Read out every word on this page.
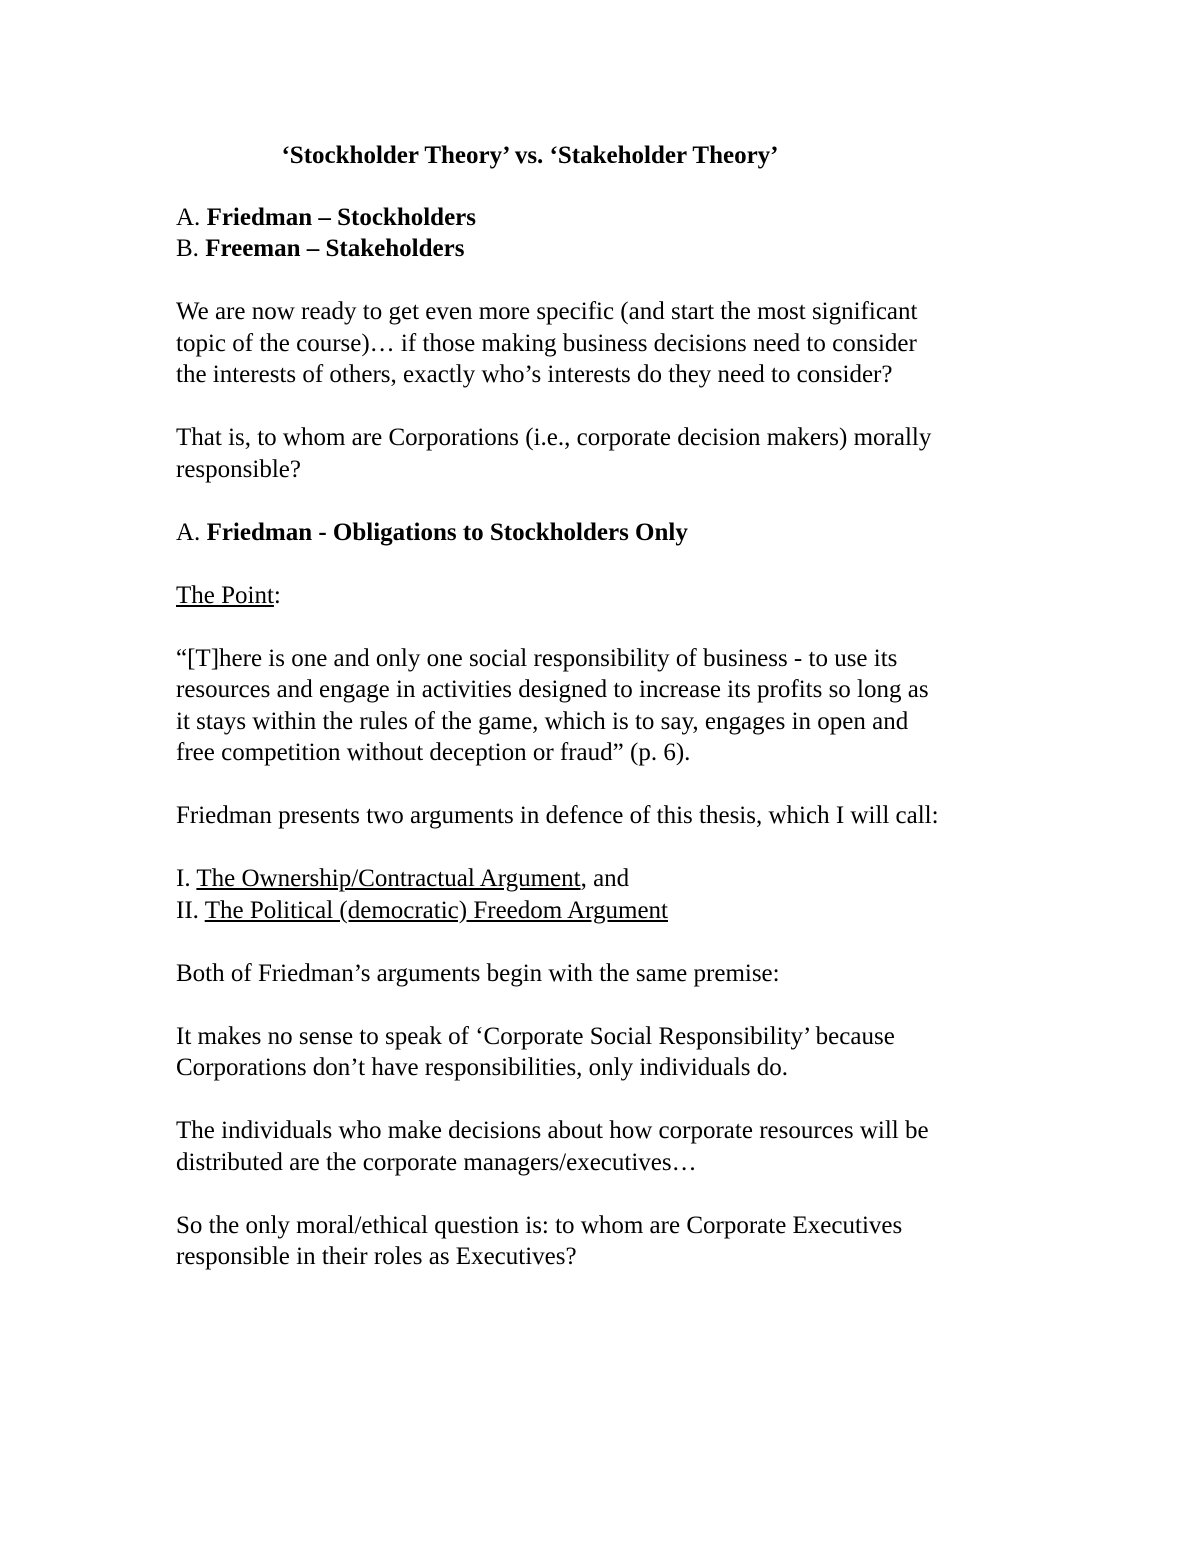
‘Stockholder Theory’ vs. ‘Stakeholder Theory’

A. Friedman – Stockholders
B. Freeman – Stakeholders

We are now ready to get even more specific (and start the most significant
topic of the course)… if those making business decisions need to consider
the interests of others, exactly who’s interests do they need to consider?

That is, to whom are Corporations (i.e., corporate decision makers) morally
responsible?

A. Friedman - Obligations to Stockholders Only

The Point:

“[T]here is one and only one social responsibility of business - to use its
resources and engage in activities designed to increase its profits so long as
it stays within the rules of the game, which is to say, engages in open and
free competition without deception or fraud” (p. 6).

Friedman presents two arguments in defence of this thesis, which I will call:

I. The Ownership/Contractual Argument, and
II. The Political (democratic) Freedom Argument

Both of Friedman’s arguments begin with the same premise:

It makes no sense to speak of ‘Corporate Social Responsibility’ because
Corporations don’t have responsibilities, only individuals do.

The individuals who make decisions about how corporate resources will be
distributed are the corporate managers/executives…

So the only moral/ethical question is: to whom are Corporate Executives
responsible in their roles as Executives?
